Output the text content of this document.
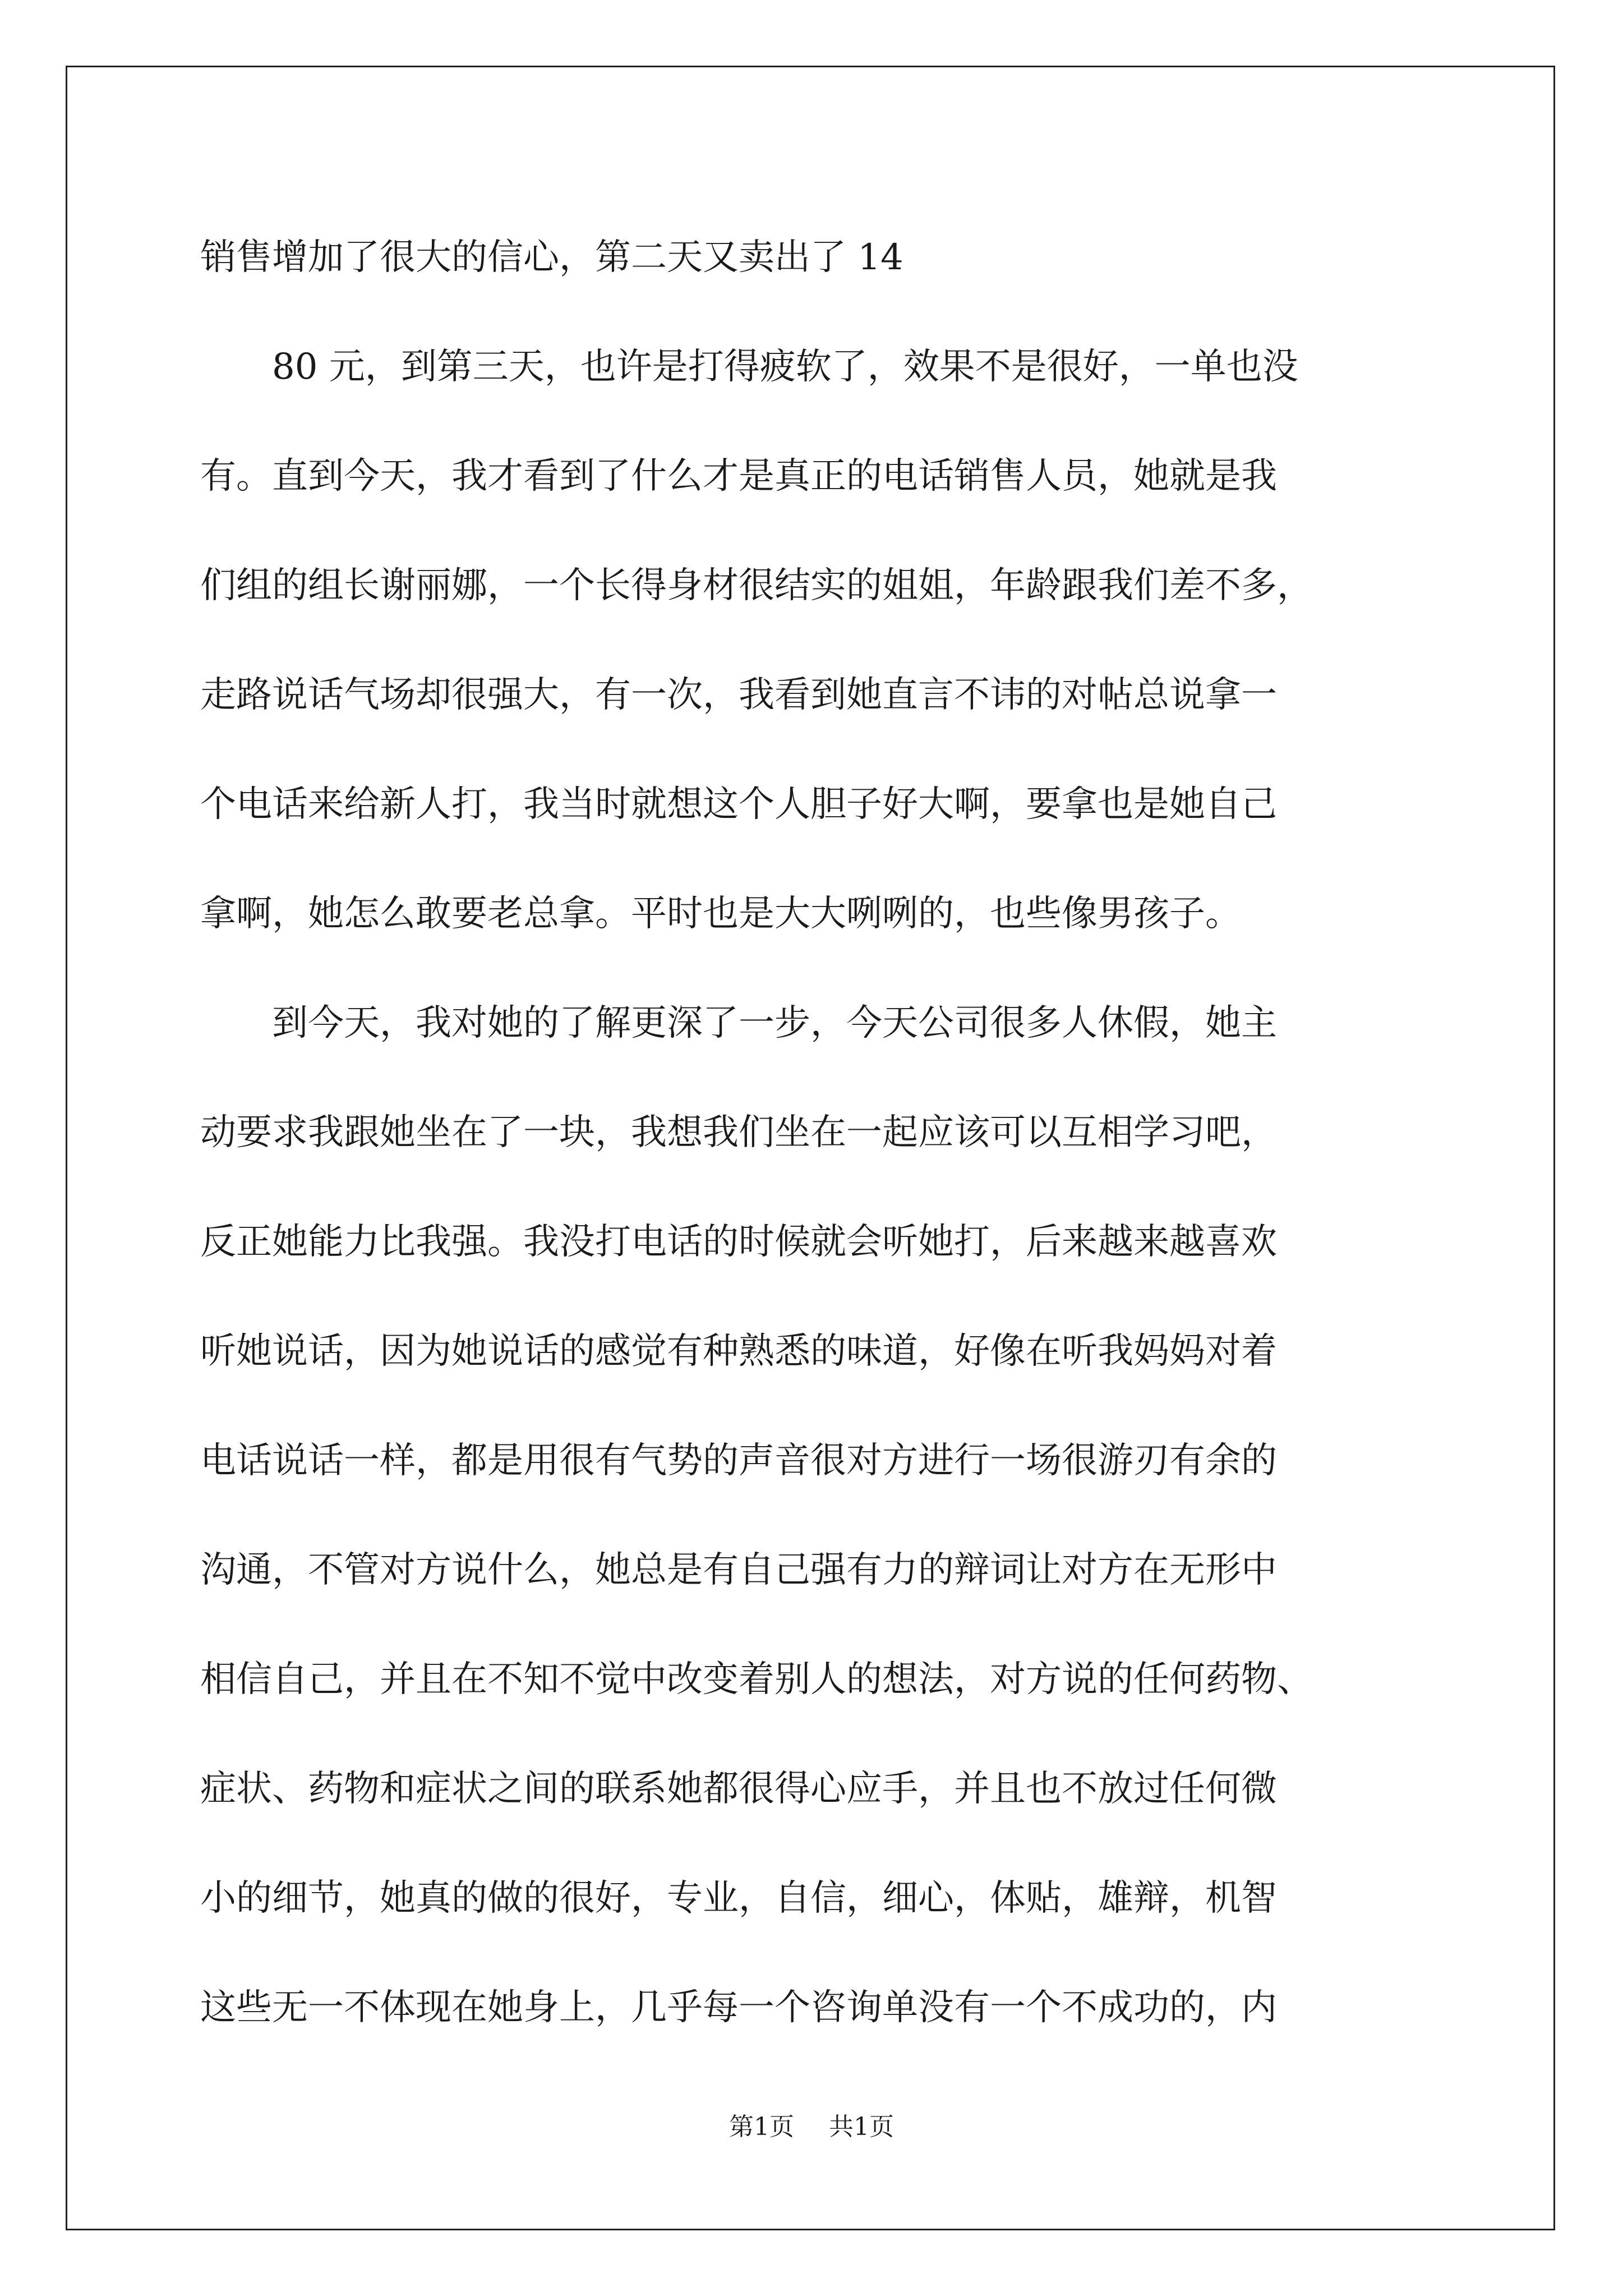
销售增加了很大的信心，第二天又卖出了 14
80 元，到第三天，也许是打得疲软了，效果不是很好，一单也没
有。直到今天，我才看到了什么才是真正的电话销售人员，她就是我
们组的组长谢丽娜，一个长得身材很结实的姐姐，年龄跟我们差不多，
走路说话气场却很强大，有一次，我看到她直言不讳的对帖总说拿一
个电话来给新人打，我当时就想这个人胆子好大啊，要拿也是她自己
拿啊，她怎么敢要老总拿。平时也是大大咧咧的，也些像男孩子。
到今天，我对她的了解更深了一步，今天公司很多人休假，她主
动要求我跟她坐在了一块，我想我们坐在一起应该可以互相学习吧，
反正她能力比我强。我没打电话的时候就会听她打，后来越来越喜欢
听她说话，因为她说话的感觉有种熟悉的味道，好像在听我妈妈对着
电话说话一样，都是用很有气势的声音很对方进行一场很游刃有余的
沟通，不管对方说什么，她总是有自己强有力的辩词让对方在无形中
相信自己，并且在不知不觉中改变着别人的想法，对方说的任何药物、
症状、药物和症状之间的联系她都很得心应手，并且也不放过任何微
小的细节，她真的做的很好，专业，自信，细心，体贴，雄辩，机智
这些无一不体现在她身上，几乎每一个咨询单没有一个不成功的，内
第1页 共1页
